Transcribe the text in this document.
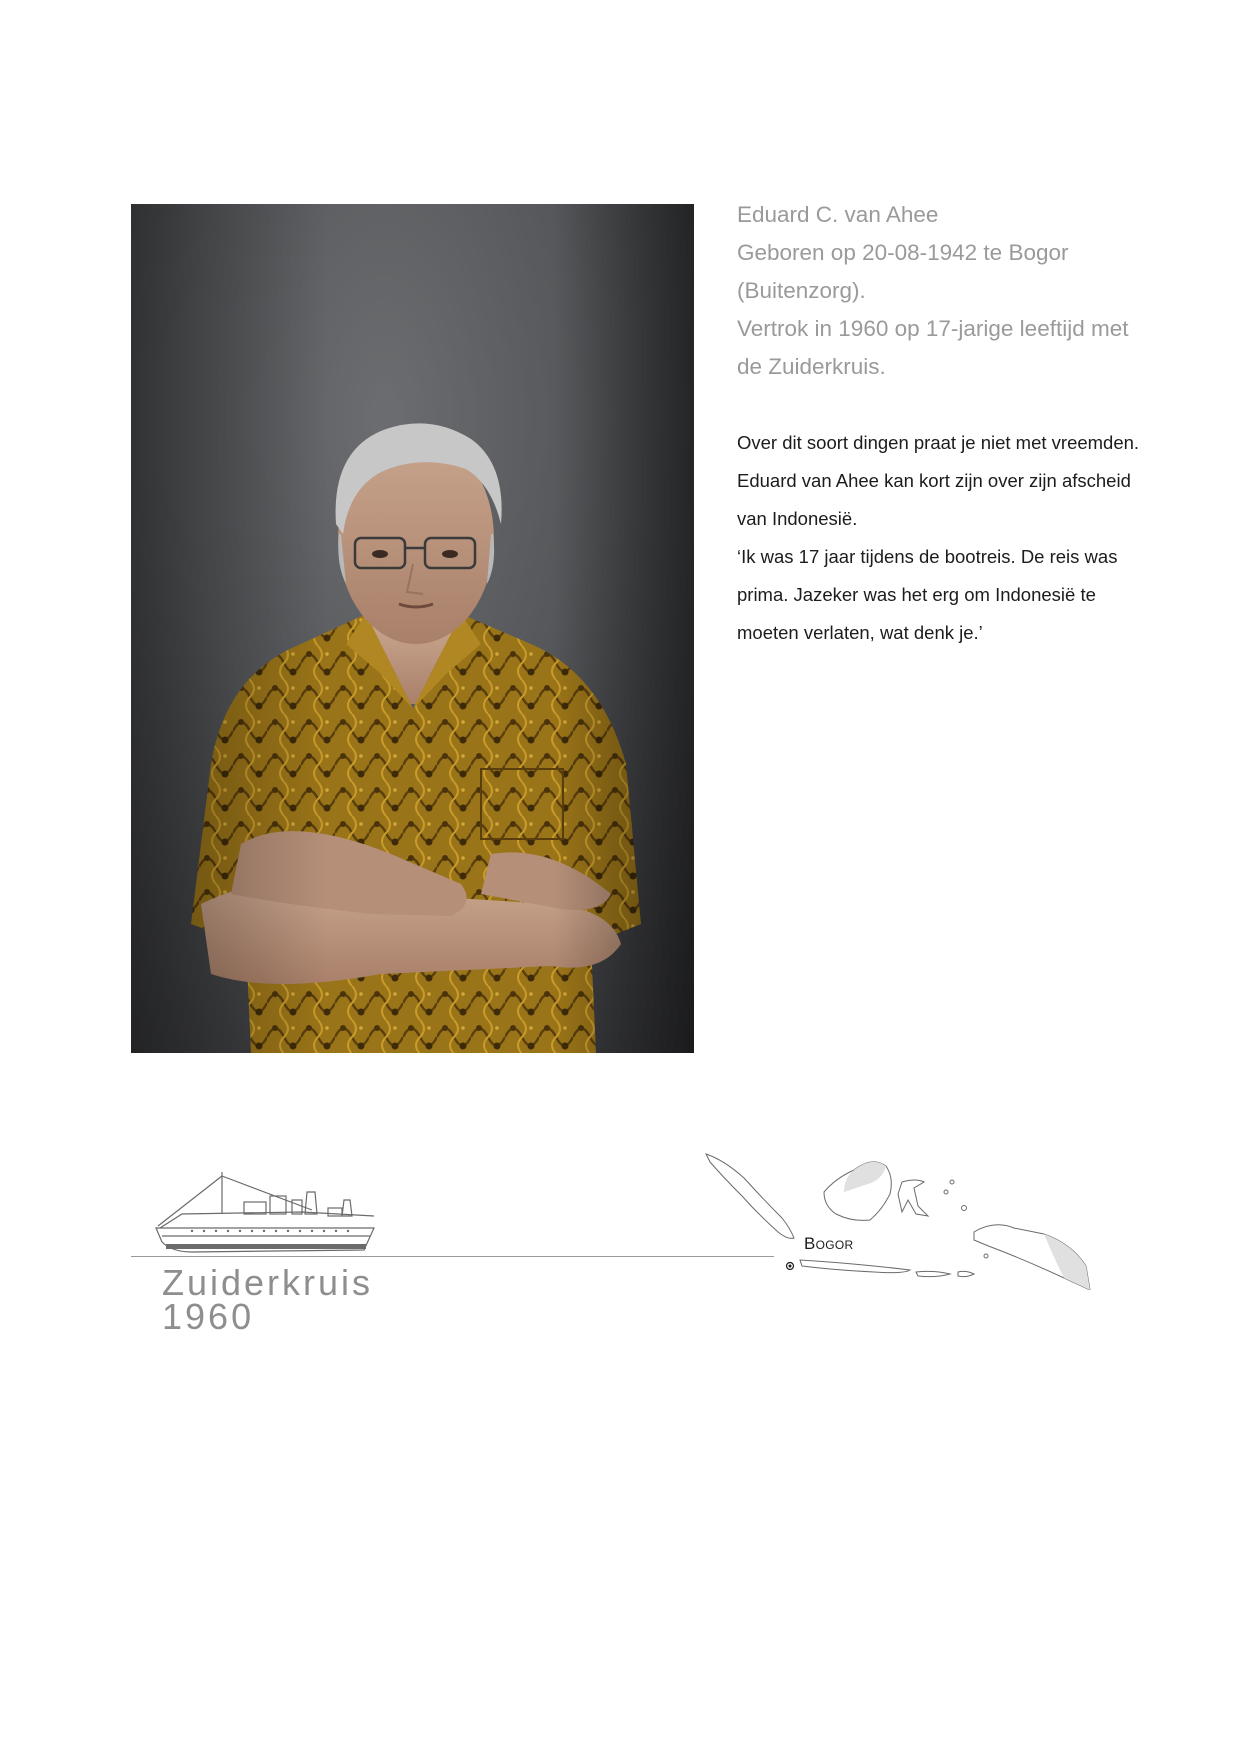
Eduard C. van Ahee
Geboren op 20-08-1942 te Bogor
(Buitenzorg).
Vertrok in 1960 op 17-jarige leeftijd met
de Zuiderkruis.
Over dit soort dingen praat je niet met vreemden.
Eduard van Ahee kan kort zijn over zijn afscheid
van Indonesië.
‘Ik was 17 jaar tijdens de bootreis. De reis was
prima. Jazeker was het erg om Indonesië te
moeten verlaten, wat denk je.’
Bogor
Zuiderkruis
1960
